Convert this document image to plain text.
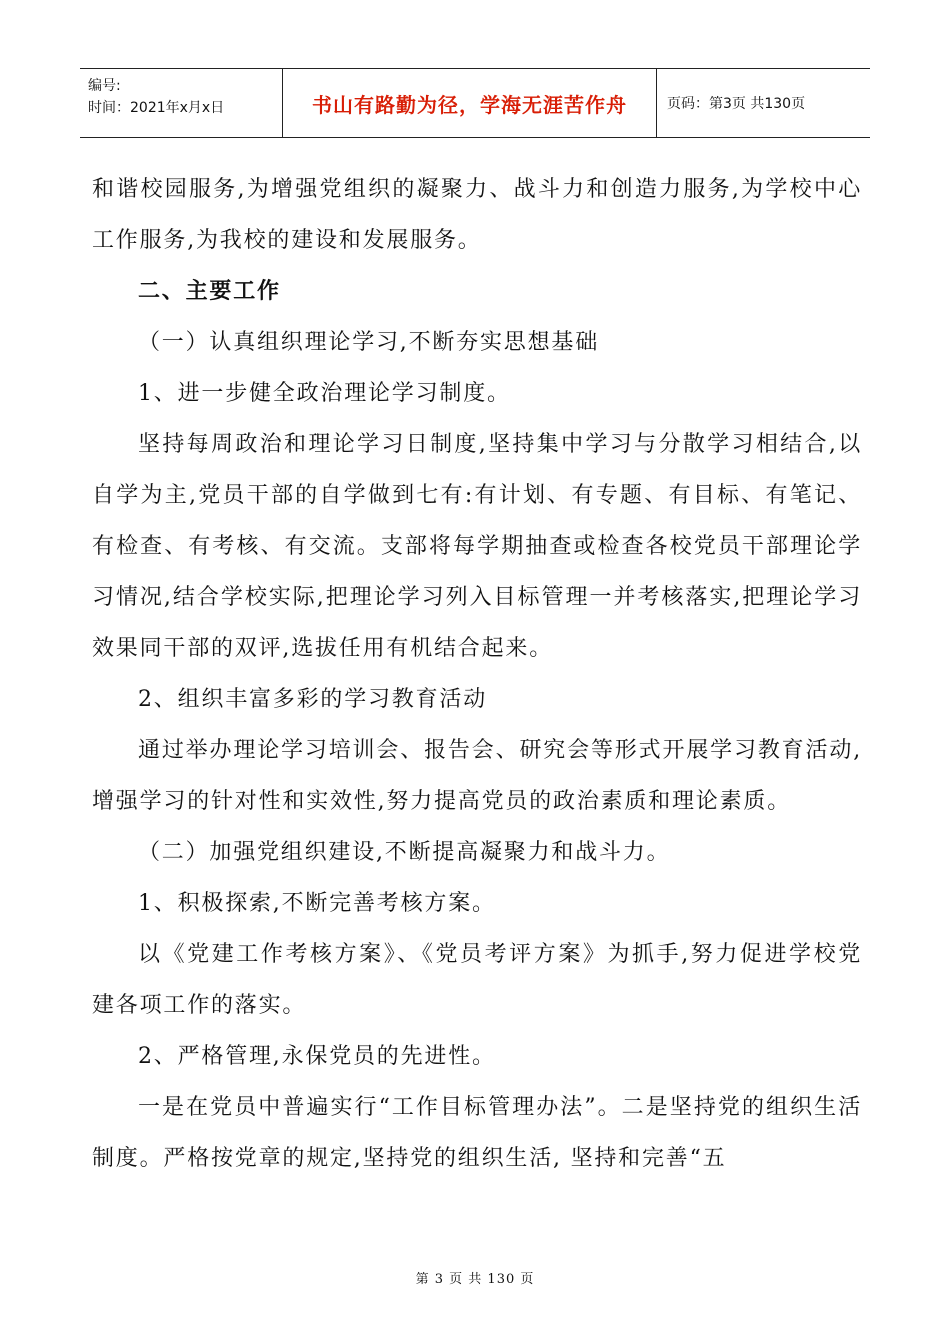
编号:
时间：2021年x月x日	书山有路勤为径，学海无涯苦作舟	页码：第3页 共130页

和谐校园服务,为增强党组织的凝聚力、战斗力和创造力服务,为学校中心工作服务,为我校的建设和发展服务。

二、主要工作

（一）认真组织理论学习,不断夯实思想基础

1、进一步健全政治理论学习制度。

坚持每周政治和理论学习日制度,坚持集中学习与分散学习相结合,以自学为主,党员干部的自学做到七有:有计划、有专题、有目标、有笔记、有检查、有考核、有交流。支部将每学期抽查或检查各校党员干部理论学习情况,结合学校实际,把理论学习列入目标管理一并考核落实,把理论学习效果同干部的双评,选拔任用有机结合起来。

2、组织丰富多彩的学习教育活动

通过举办理论学习培训会、报告会、研究会等形式开展学习教育活动,增强学习的针对性和实效性,努力提高党员的政治素质和理论素质。

（二）加强党组织建设,不断提高凝聚力和战斗力。

1、积极探索,不断完善考核方案。

以《党建工作考核方案》、《党员考评方案》为抓手,努力促进学校党建各项工作的落实。

2、严格管理,永保党员的先进性。

一是在党员中普遍实行“工作目标管理办法”。二是坚持党的组织生活制度。严格按党章的规定,坚持党的组织生活, 坚持和完善“五

第 3 页 共 130 页
